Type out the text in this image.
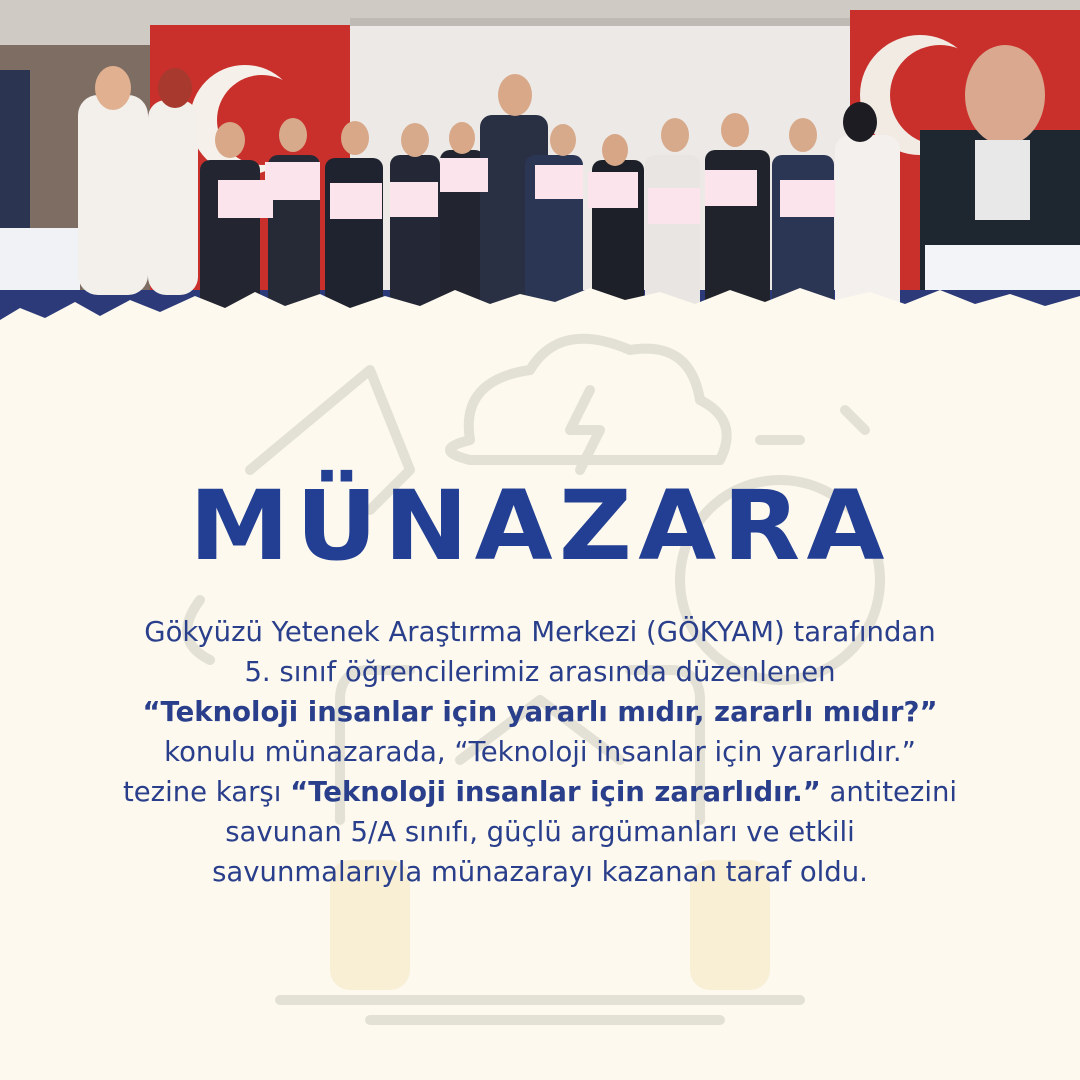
MÜNAZARA

Gökyüzü Yetenek Araştırma Merkezi (GÖKYAM) tarafından

5. sınıf öğrencilerimiz arasında düzenlenen

“Teknoloji insanlar için yararlı mıdır, zararlı mıdır?”

konulu münazarada, “Teknoloji insanlar için yararlıdır.”

tezine karşı “Teknoloji insanlar için zararlıdır.” antitezini

savunan 5/A sınıfı, güçlü argümanları ve etkili

savunmalarıyla münazarayı kazanan taraf oldu.
